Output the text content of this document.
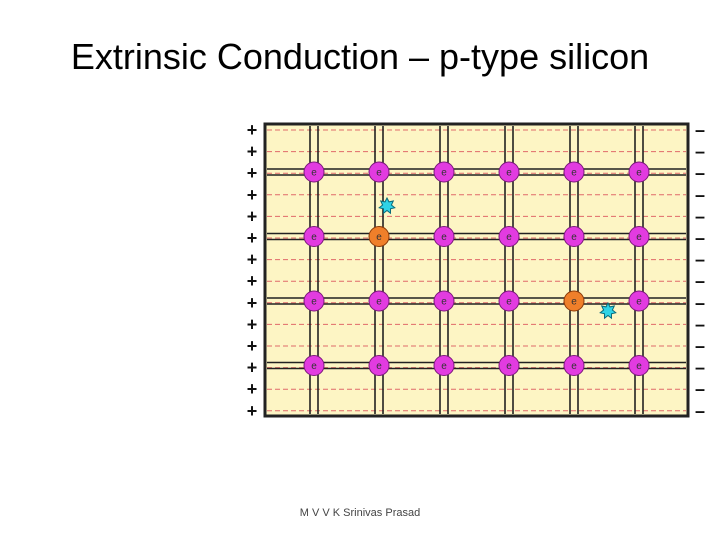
Extrinsic Conduction – p-type silicon
e	e	e	e	e	e
e	e	e	e	e	e
e	e	e	e	e	e
e	e	e	e	e	e
+
+
+
+
+
+
+
+
+
+
+
+
+
+
–
–
–
–
–
–
–
–
–
–
–
–
–
–
M V V K Srinivas Prasad
